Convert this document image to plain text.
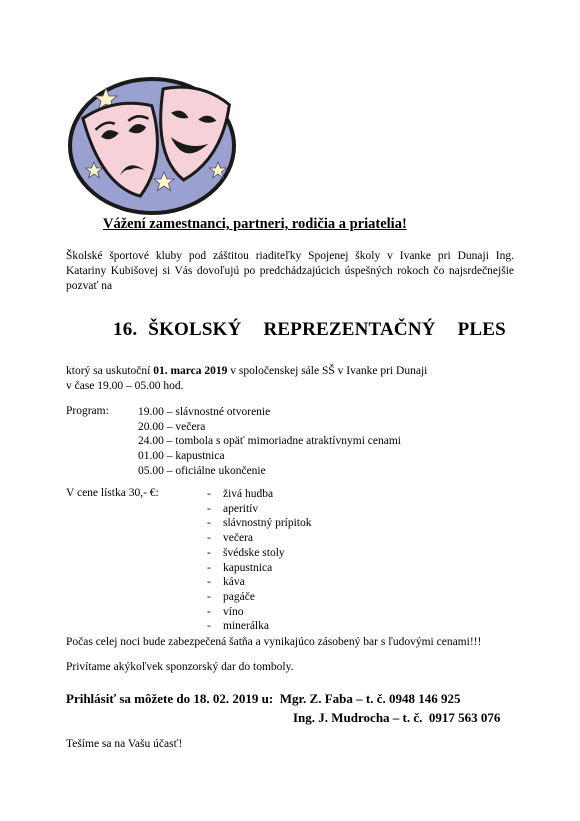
Vážení zamestnanci, partneri, rodičia a priatelia!
Školské športové kluby pod záštitou riaditeľky Spojenej školy v Ivanke pri Dunaji Ing.
Katariny Kubišovej si Vás dovoľujú po predchádzajúcich úspešných rokoch čo najsrdečnejšie
pozvať na
16. ŠKOLSKÝ  REPREZENTAČNÝ  PLES
ktorý sa uskutoční 01. marca 2019 v spoločenskej sále SŠ v Ivanke pri Dunaji
v čase 19.00 – 05.00 hod.
Program:	19.00 – slávnostné otvorenie
20.00 – večera
24.00 – tombola s opäť mimoriadne atraktívnymi cenami
01.00 – kapustnica
05.00 – oficiálne ukončenie
V cene lístka 30,- €:	-	živá hudba
-	aperitív
-	slávnostný prípitok
-	večera
-	švédske stoly
-	kapustnica
-	káva
-	pagáče
-	víno
-	minerálka
Počas celej noci bude zabezpečená šatňa a vynikajúco zásobený bar s ľudovými cenami!!!
Privítame akýkoľvek sponzorský dar do tomboly.
Prihlásiť sa môžete do 18. 02. 2019 u: Mgr. Z. Faba – t. č. 0948 146 925
Ing. J. Mudrocha – t. č.  0917 563 076
Tešíme sa na Vašu účasť!
